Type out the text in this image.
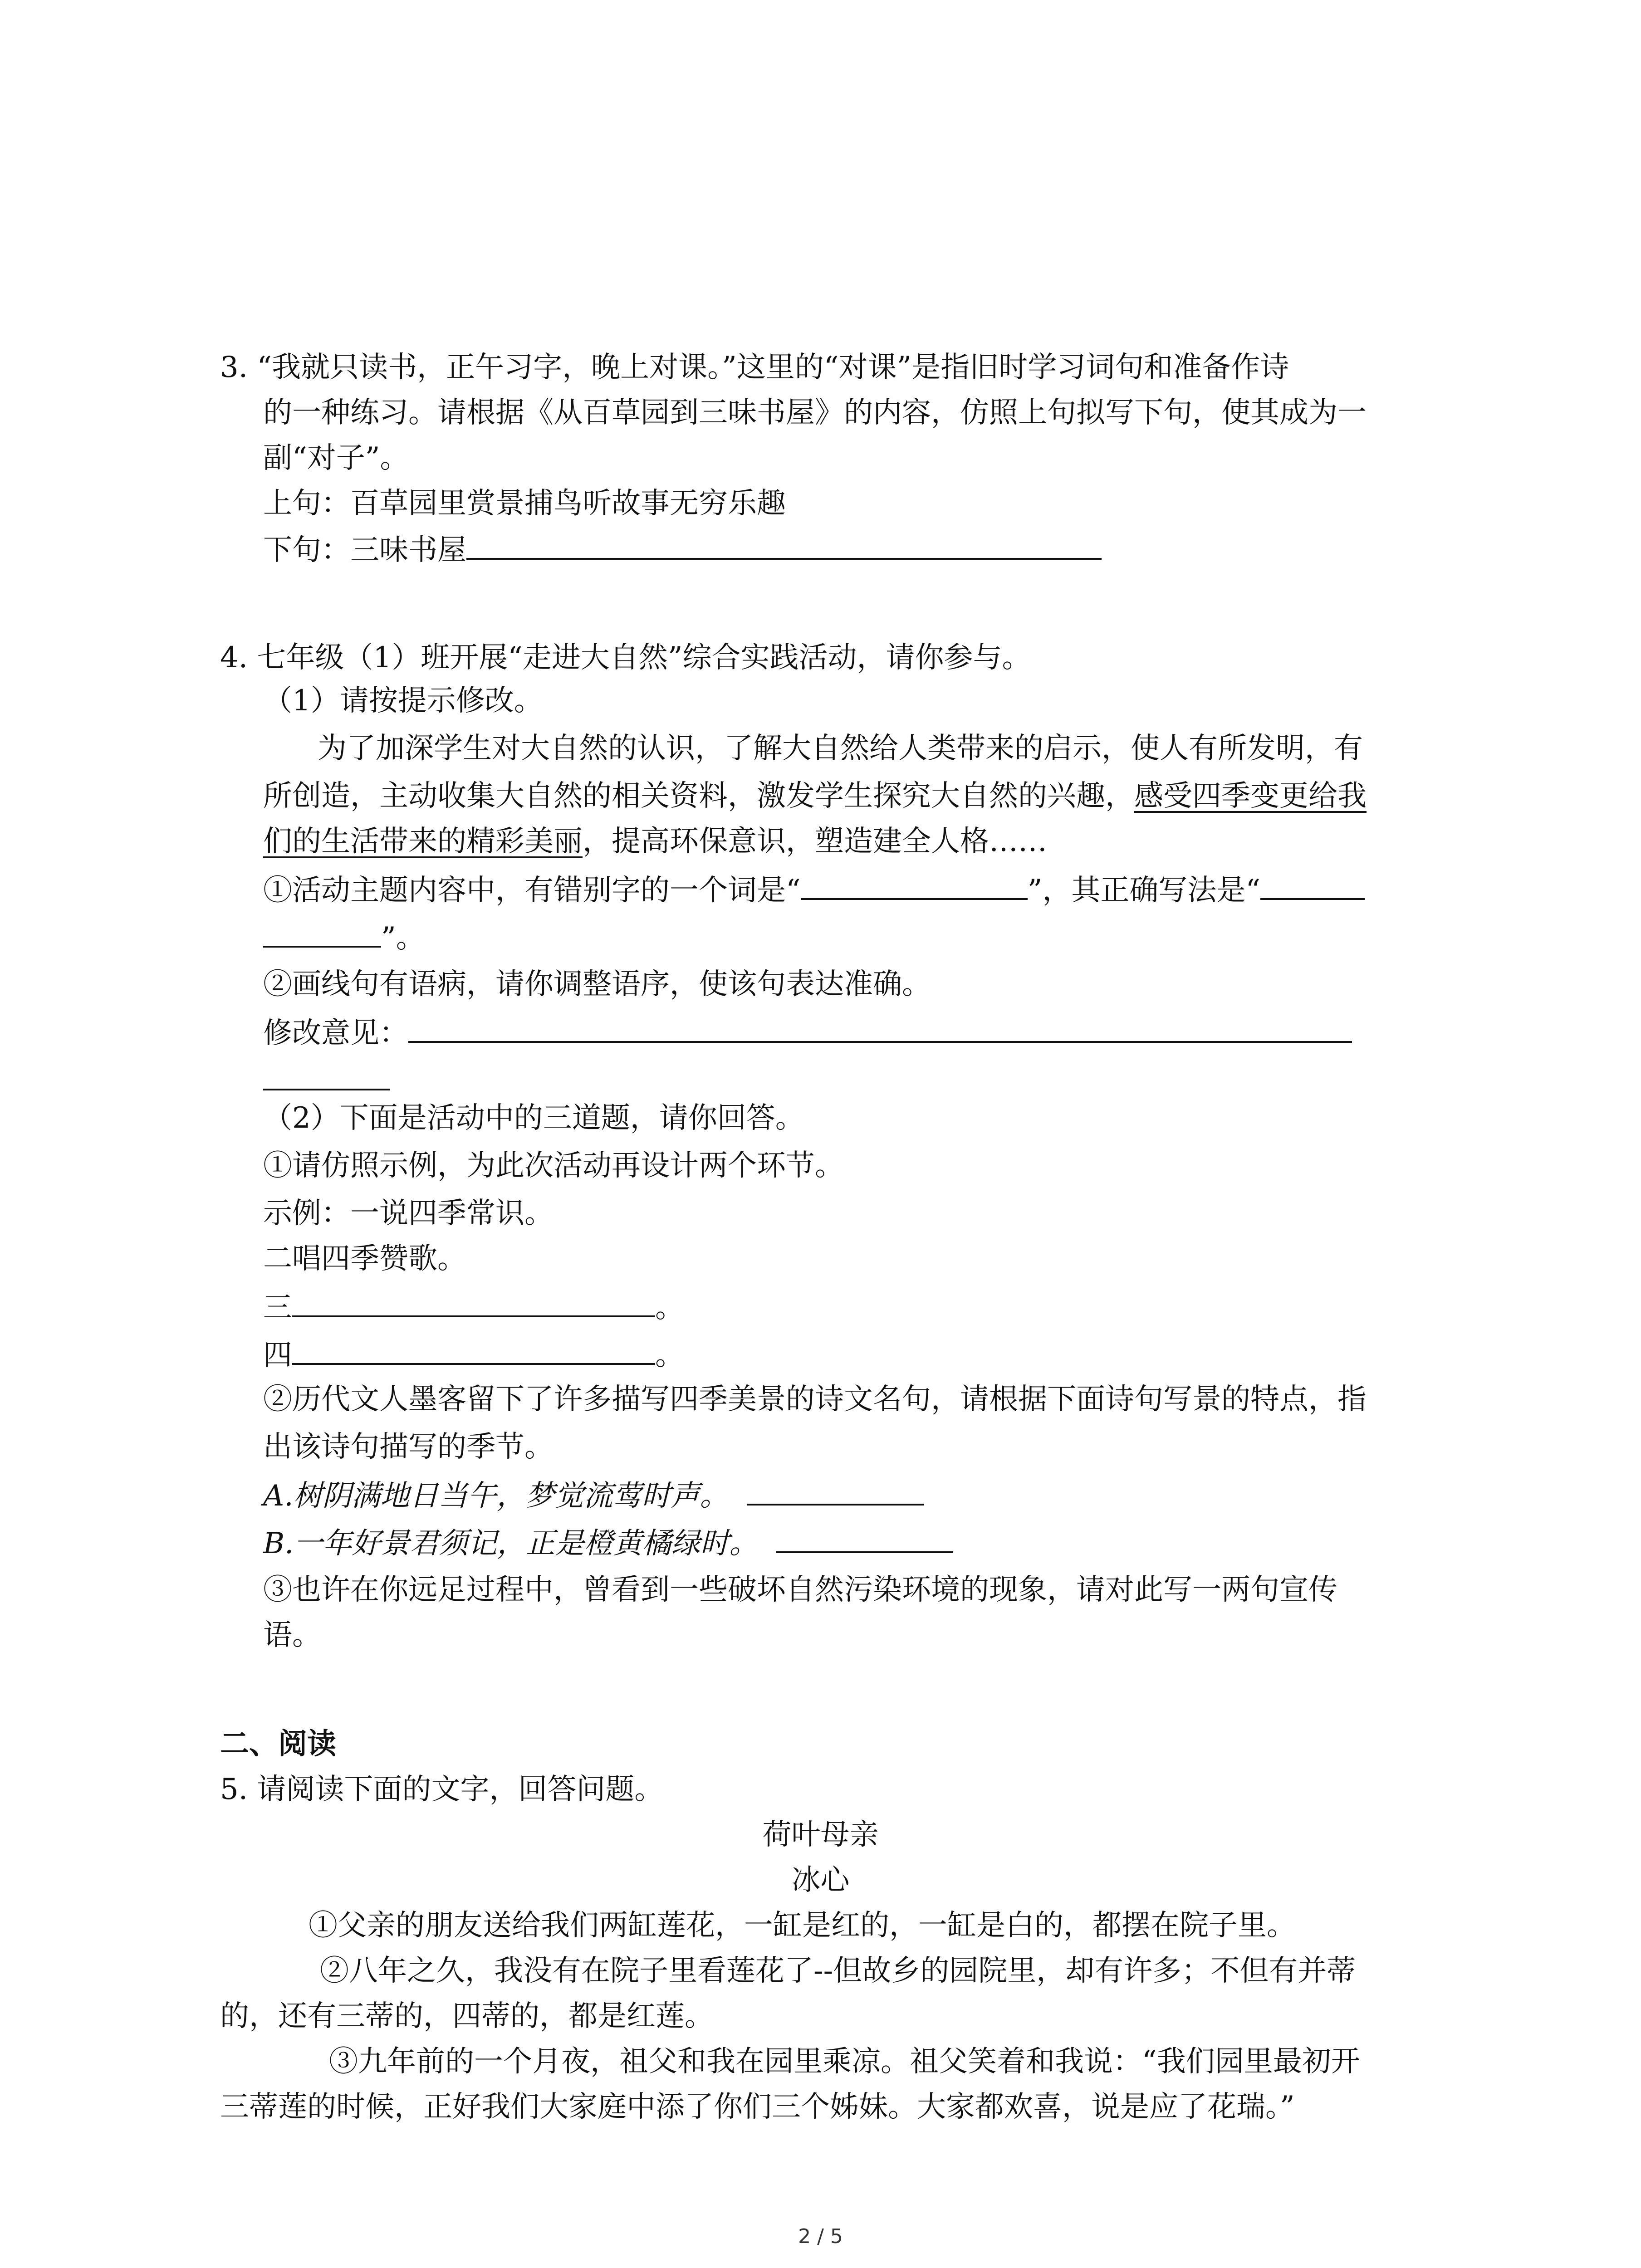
3. “我就只读书，正午习字，晚上对课。”这里的“对课”是指旧时学习词句和准备作诗
的一种练习。请根据《从百草园到三味书屋》的内容，仿照上句拟写下句，使其成为一
副“对子”。
上句：百草园里赏景捕鸟听故事无穷乐趣
下句：三味书屋
4. 七年级（1）班开展“走进大自然”综合实践活动，请你参与。
（1）请按提示修改。
为了加深学生对大自然的认识，了解大自然给人类带来的启示，使人有所发明，有
所创造，主动收集大自然的相关资料，激发学生探究大自然的兴趣，感受四季变更给我
们的生活带来的精彩美丽，提高环保意识，塑造建全人格……
①活动主题内容中，有错别字的一个词是“	”，其正确写法是“
”。
②画线句有语病，请你调整语序，使该句表达准确。
修改意见：
（2）下面是活动中的三道题，请你回答。
①请仿照示例，为此次活动再设计两个环节。
示例：一说四季常识。
二唱四季赞歌。
三	。
四	。
②历代文人墨客留下了许多描写四季美景的诗文名句，请根据下面诗句写景的特点，指
出该诗句描写的季节。
A.树阴满地日当午，梦觉流莺时声。
B.一年好景君须记，正是橙黄橘绿时。
③也许在你远足过程中，曾看到一些破坏自然污染环境的现象，请对此写一两句宣传
语。
二、阅读
5. 请阅读下面的文字，回答问题。
荷叶母亲
冰心
①父亲的朋友送给我们两缸莲花，一缸是红的，一缸是白的，都摆在院子里。
②八年之久，我没有在院子里看莲花了--但故乡的园院里，却有许多；不但有并蒂
的，还有三蒂的，四蒂的，都是红莲。
③九年前的一个月夜，祖父和我在园里乘凉。祖父笑着和我说：“我们园里最初开
三蒂莲的时候，正好我们大家庭中添了你们三个姊妹。大家都欢喜，说是应了花瑞。”
2 / 5
